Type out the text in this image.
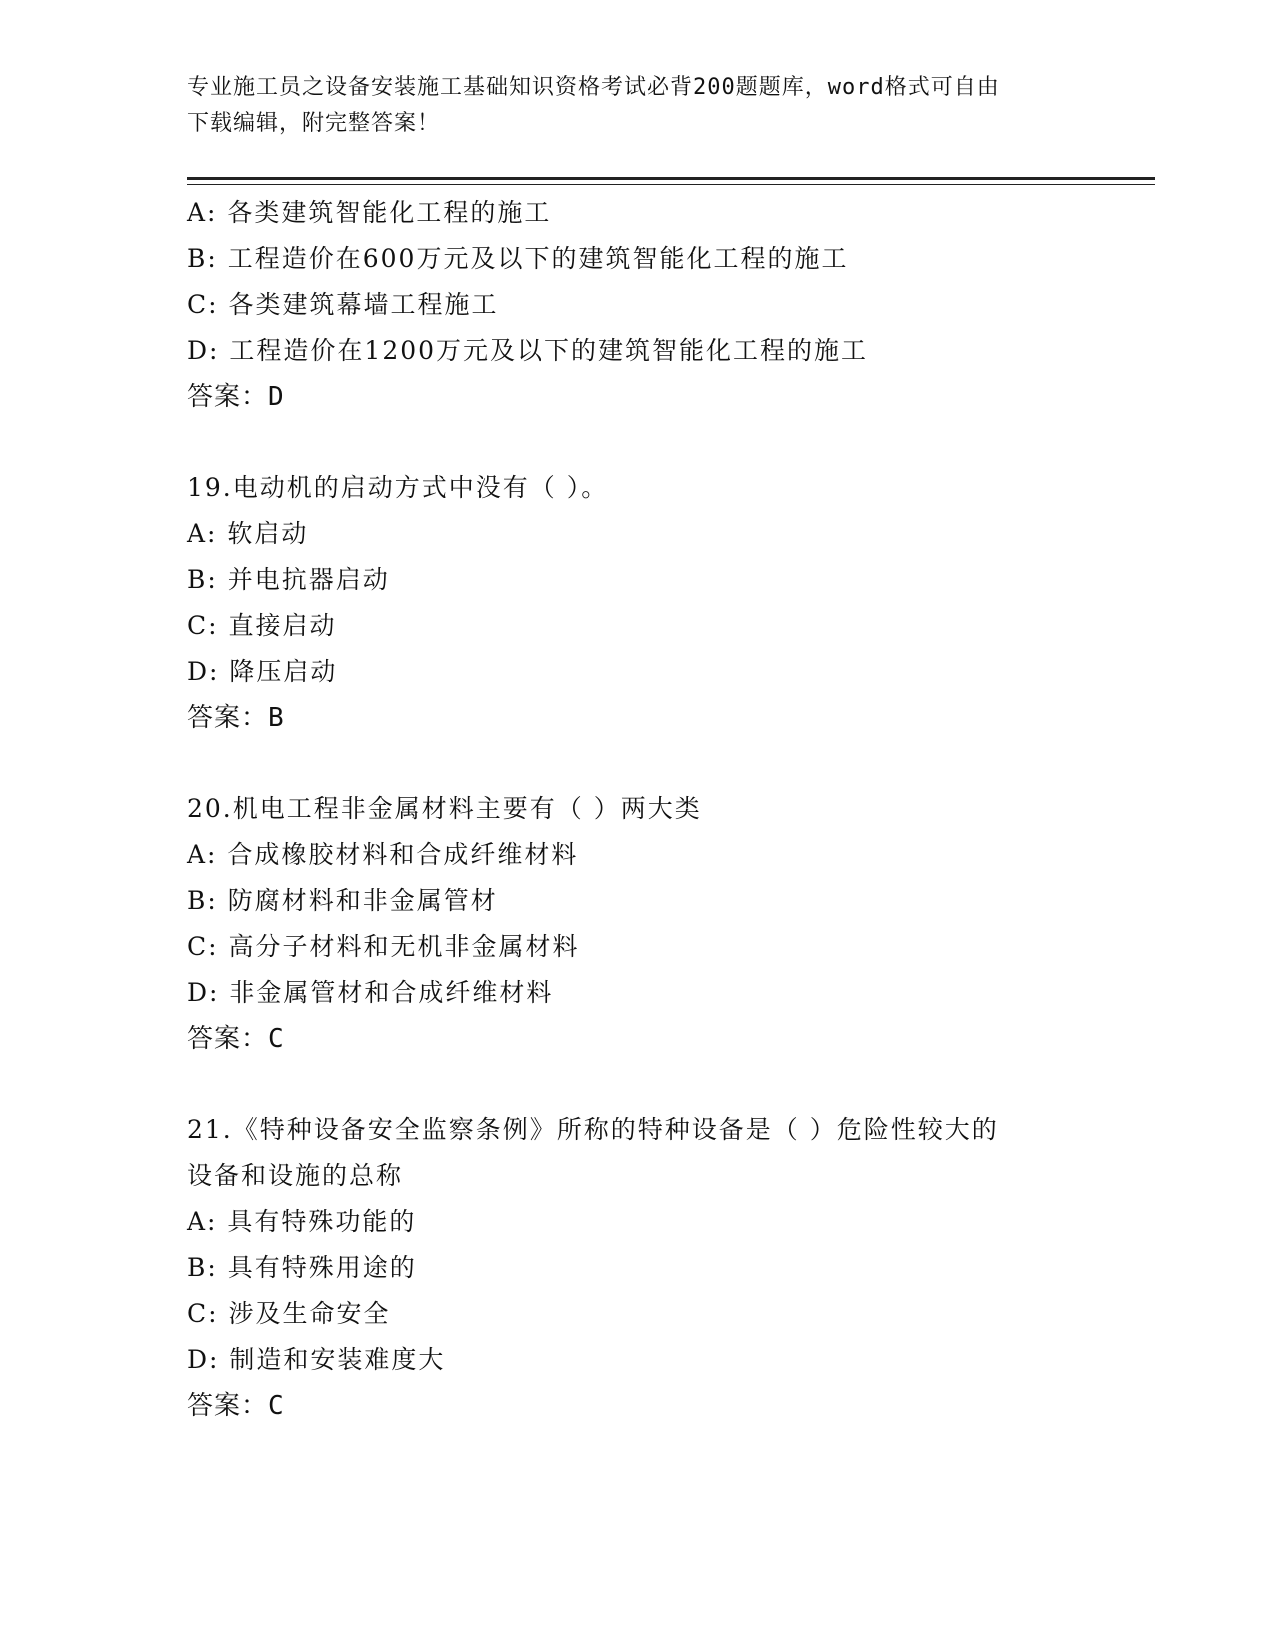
专业施工员之设备安装施工基础知识资格考试必背200题题库，word格式可自由
下载编辑，附完整答案！
A: 各类建筑智能化工程的施工
B: 工程造价在600万元及以下的建筑智能化工程的施工
C: 各类建筑幕墙工程施工
D: 工程造价在1200万元及以下的建筑智能化工程的施工
答案：D
19.电动机的启动方式中没有（ ）。
A: 软启动
B: 并电抗器启动
C: 直接启动
D: 降压启动
答案：B
20.机电工程非金属材料主要有（ ）两大类
A: 合成橡胶材料和合成纤维材料
B: 防腐材料和非金属管材
C: 高分子材料和无机非金属材料
D: 非金属管材和合成纤维材料
答案：C
21.《特种设备安全监察条例》所称的特种设备是（ ）危险性较大的
设备和设施的总称
A: 具有特殊功能的
B: 具有特殊用途的
C: 涉及生命安全
D: 制造和安装难度大
答案：C
